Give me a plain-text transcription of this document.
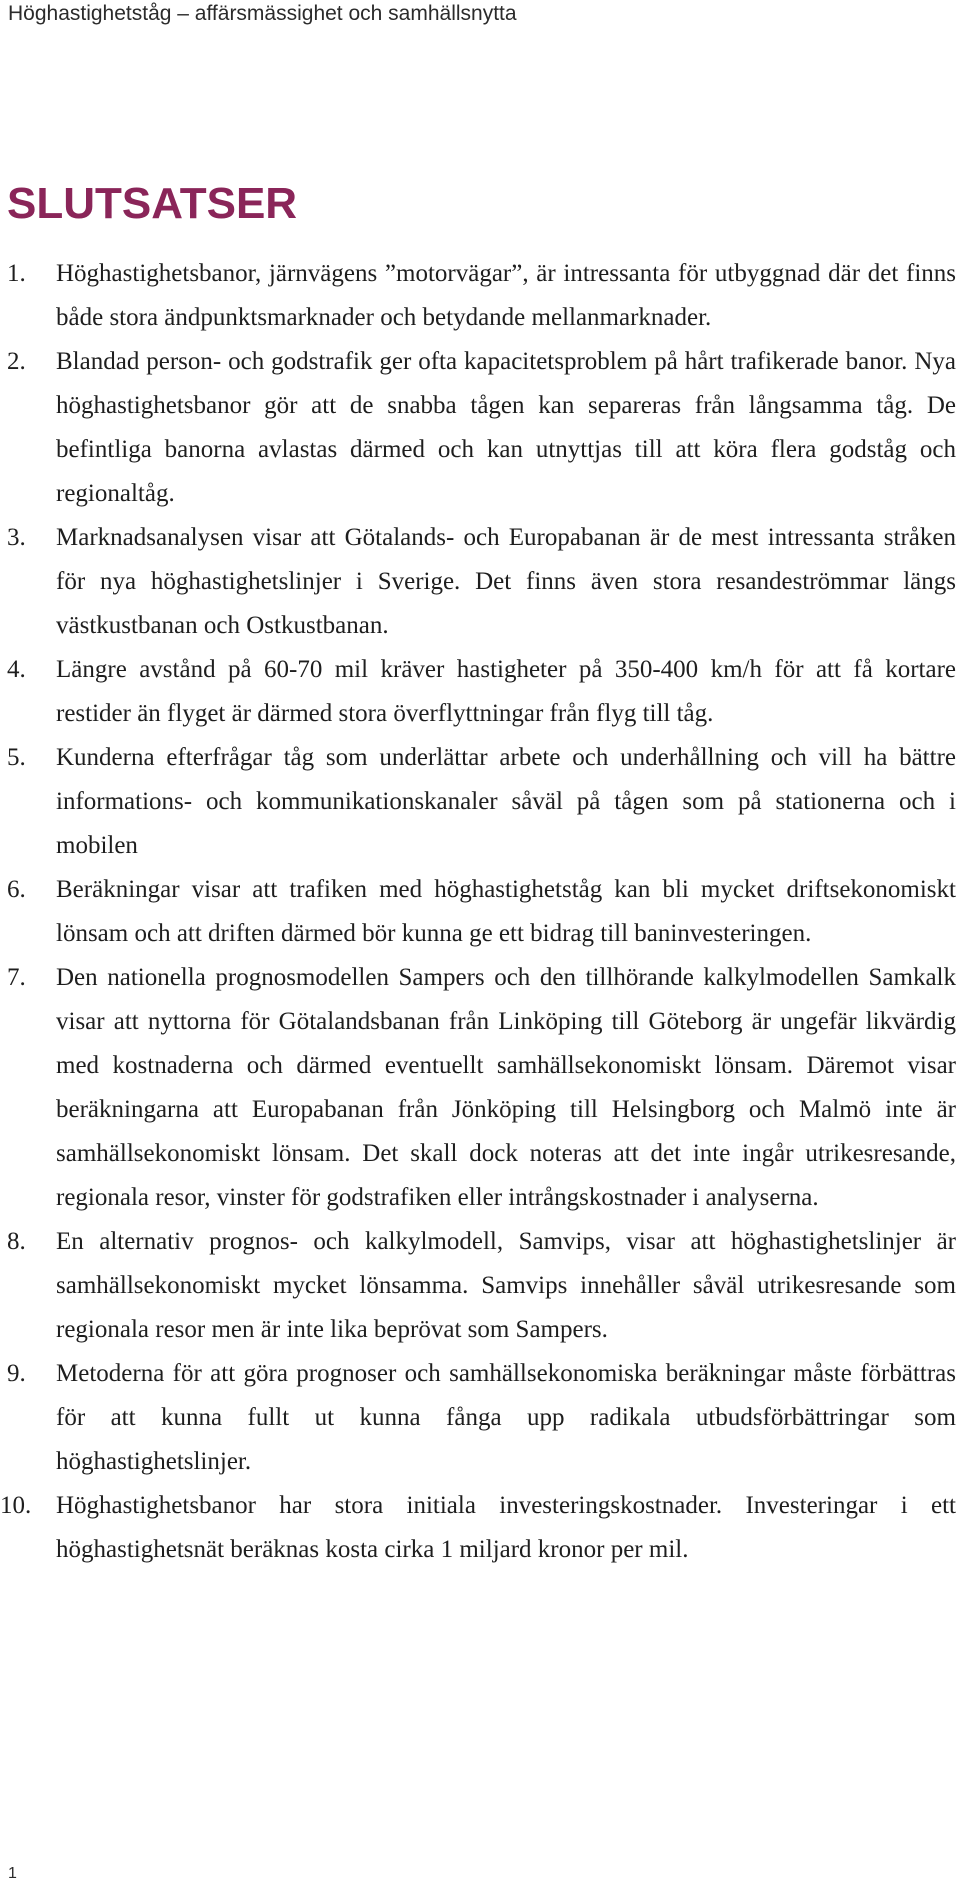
Höghastighetståg – affärsmässighet och samhällsnytta
SLUTSATSER
1. Höghastighetsbanor, järnvägens ”motorvägar”, är intressanta för utbyggnad där det finns både stora ändpunktsmarknader och betydande mellanmarknader.
2. Blandad person- och godstrafik ger ofta kapacitetsproblem på hårt trafikerade banor. Nya höghastighetsbanor gör att de snabba tågen kan separeras från långsamma tåg. De befintliga banorna avlastas därmed och kan utnyttjas till att köra flera godståg och regionaltåg.
3. Marknadsanalysen visar att Götalands- och Europabanan är de mest intressanta stråken för nya höghastighetslinjer i Sverige. Det finns även stora resandeströmmar längs västkustbanan och Ostkustbanan.
4. Längre avstånd på 60-70 mil kräver hastigheter på 350-400 km/h för att få kortare restider än flyget är därmed stora överflyttningar från flyg till tåg.
5. Kunderna efterfrågar tåg som underlättar arbete och underhållning och vill ha bättre informations- och kommunikationskanaler såväl på tågen som på stationerna och i mobilen
6. Beräkningar visar att trafiken med höghastighetståg kan bli mycket driftsekonomiskt lönsam och att driften därmed bör kunna ge ett bidrag till baninvesteringen.
7. Den nationella prognosmodellen Sampers och den tillhörande kalkylmodellen Samkalk visar att nyttorna för Götalandsbanan från Linköping till Göteborg är ungefär likvärdig med kostnaderna och därmed eventuellt samhällsekonomiskt lönsam. Däremot visar beräkningarna att Europabanan från Jönköping till Helsingborg och Malmö inte är samhällsekonomiskt lönsam. Det skall dock noteras att det inte ingår utrikesresande, regionala resor, vinster för godstrafiken eller intrångskostnader i analyserna.
8. En alternativ prognos- och kalkylmodell, Samvips, visar att höghastighetslinjer är samhällsekonomiskt mycket lönsamma. Samvips innehåller såväl utrikesresande som regionala resor men är inte lika beprövat som Sampers.
9. Metoderna för att göra prognoser och samhällsekonomiska beräkningar måste förbättras för att kunna fullt ut kunna fånga upp radikala utbudsförbättringar som höghastighetslinjer.
10. Höghastighetsbanor har stora initiala investeringskostnader. Investeringar i ett höghastighetsnät beräknas kosta cirka 1 miljard kronor per mil.
1
